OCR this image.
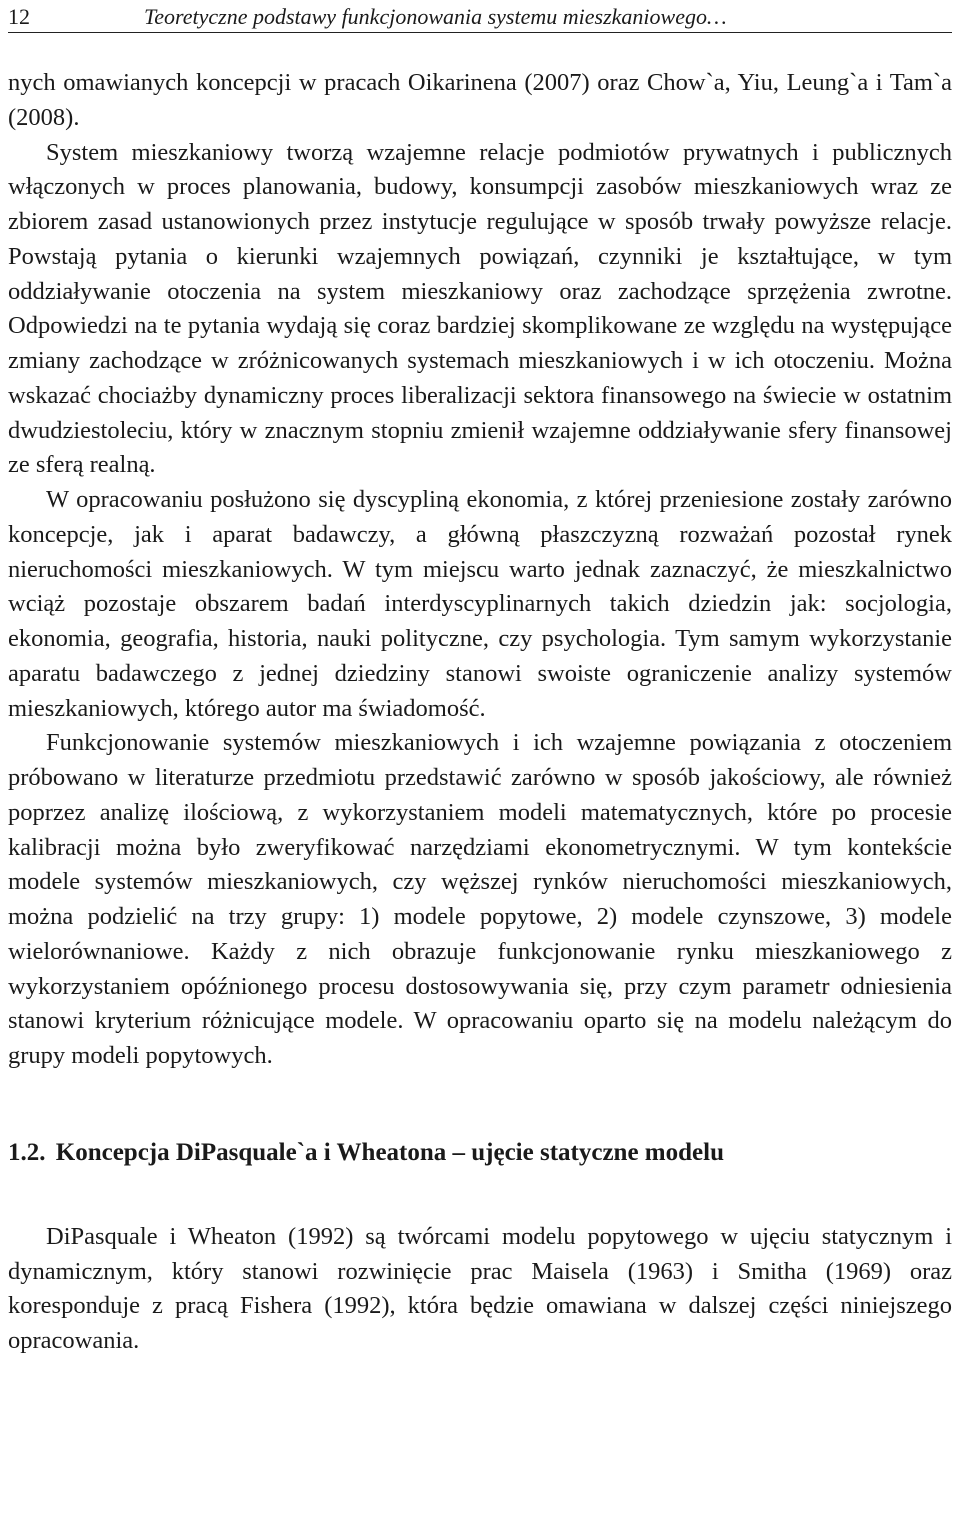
12	Teoretyczne podstawy funkcjonowania systemu mieszkaniowego…

nych omawianych koncepcji w pracach Oikarinena (2007) oraz Chow`a, Yiu, Leung`a i Tam`a (2008).

System mieszkaniowy tworzą wzajemne relacje podmiotów prywatnych i publicznych włączonych w proces planowania, budowy, konsumpcji zasobów mieszkaniowych wraz ze zbiorem zasad ustanowionych przez instytucje regulujące w sposób trwały powyższe relacje. Powstają pytania o kierunki wzajemnych powiązań, czynniki je kształtujące, w tym oddziaływanie otoczenia na system mieszkaniowy oraz zachodzące sprzężenia zwrotne. Odpowiedzi na te pytania wydają się coraz bardziej skomplikowane ze względu na występujące zmiany zachodzące w zróżnicowanych systemach mieszkaniowych i w ich otoczeniu. Można wskazać chociażby dynamiczny proces liberalizacji sektora finansowego na świecie w ostatnim dwudziestoleciu, który w znacznym stopniu zmienił wzajemne oddziaływanie sfery finansowej ze sferą realną.

W opracowaniu posłużono się dyscypliną ekonomia, z której przeniesione zostały zarówno koncepcje, jak i aparat badawczy, a główną płaszczyzną rozważań pozostał rynek nieruchomości mieszkaniowych. W tym miejscu warto jednak zaznaczyć, że mieszkalnictwo wciąż pozostaje obszarem badań interdyscyplinarnych takich dziedzin jak: socjologia, ekonomia, geografia, historia, nauki polityczne, czy psychologia. Tym samym wykorzystanie aparatu badawczego z jednej dziedziny stanowi swoiste ograniczenie analizy systemów mieszkaniowych, którego autor ma świadomość.

Funkcjonowanie systemów mieszkaniowych i ich wzajemne powiązania z otoczeniem próbowano w literaturze przedmiotu przedstawić zarówno w sposób jakościowy, ale również poprzez analizę ilościową, z wykorzystaniem modeli matematycznych, które po procesie kalibracji można było zweryfikować narzędziami ekonometrycznymi. W tym kontekście modele systemów mieszkaniowych, czy węższej rynków nieruchomości mieszkaniowych, można podzielić na trzy grupy: 1) modele popytowe, 2) modele czynszowe, 3) modele wielorównaniowe. Każdy z nich obrazuje funkcjonowanie rynku mieszkaniowego z wykorzystaniem opóźnionego procesu dostosowywania się, przy czym parametr odniesienia stanowi kryterium różnicujące modele. W opracowaniu oparto się na modelu należącym do grupy modeli popytowych.

1.2. Koncepcja DiPasquale`a i Wheatona – ujęcie statyczne modelu

DiPasquale i Wheaton (1992) są twórcami modelu popytowego w ujęciu statycznym i dynamicznym, który stanowi rozwinięcie prac Maisela (1963) i Smitha (1969) oraz koresponduje z pracą Fishera (1992), która będzie omawiana w dalszej części niniejszego opracowania.
